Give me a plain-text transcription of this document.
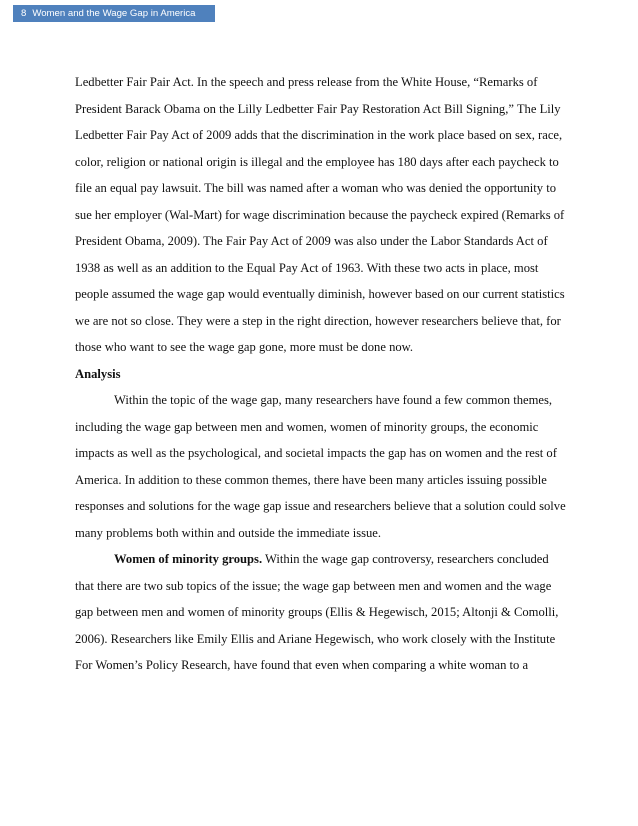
8 Women and the Wage Gap in America
Ledbetter Fair Pair Act. In the speech and press release from the White House, “Remarks of
President Barack Obama on the Lilly Ledbetter Fair Pay Restoration Act Bill Signing,” The Lily
Ledbetter Fair Pay Act of 2009 adds that the discrimination in the work place based on sex, race,
color, religion or national origin is illegal and the employee has 180 days after each paycheck to
file an equal pay lawsuit. The bill was named after a woman who was denied the opportunity to
sue her employer (Wal-Mart) for wage discrimination because the paycheck expired (Remarks of
President Obama, 2009). The Fair Pay Act of 2009 was also under the Labor Standards Act of
1938 as well as an addition to the Equal Pay Act of 1963. With these two acts in place, most
people assumed the wage gap would eventually diminish, however based on our current statistics
we are not so close. They were a step in the right direction, however researchers believe that, for
those who want to see the wage gap gone, more must be done now.
Analysis
Within the topic of the wage gap, many researchers have found a few common themes,
including the wage gap between men and women, women of minority groups, the economic
impacts as well as the psychological, and societal impacts the gap has on women and the rest of
America. In addition to these common themes, there have been many articles issuing possible
responses and solutions for the wage gap issue and researchers believe that a solution could solve
many problems both within and outside the immediate issue.
Women of minority groups. Within the wage gap controversy, researchers concluded
that there are two sub topics of the issue; the wage gap between men and women and the wage
gap between men and women of minority groups (Ellis & Hegewisch, 2015; Altonji & Comolli,
2006). Researchers like Emily Ellis and Ariane Hegewisch, who work closely with the Institute
For Women’s Policy Research, have found that even when comparing a white woman to a
